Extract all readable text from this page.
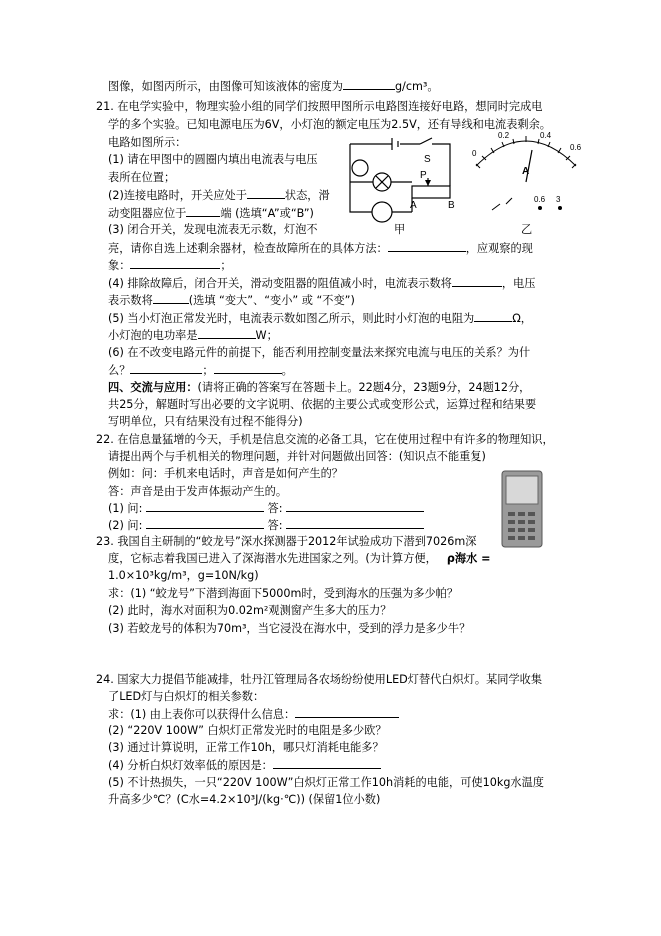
图像，如图丙所示，由图像可知该液体的密度为	g/cm³。
21. 在电学实验中，物理实验小组的同学们按照甲图所示电路图连接好电路，想同时完成电
学的多个实验。已知电源电压为6V，小灯泡的额定电压为2.5V，还有导线和电流表剩余。
电路如图所示：
(1) 请在甲图中的圆圈内填出电流表与电压
表所在位置；
(2)连接电路时，开关应处于	状态，滑
动变阻器应位于	端 (选填“A”或“B”)
(3) 闭合开关，发现电流表无示数，灯泡不
亮，请你自选上述剩余器材，检查故障所在的具体方法：	，应观察的现
象：	；
(4) 排除故障后，闭合开关，滑动变阻器的阻值减小时，电流表示数将	，电压
表示数将	(选填 “变大”、“变小” 或 “不变”)
(5) 当小灯泡正常发光时，电流表示数如图乙所示，则此时小灯泡的电阻为	Ω，
小灯泡的电功率是	W；
(6) 在不改变电路元件的前提下，能否利用控制变量法来探究电流与电压的关系？为什
么？	；	。
S
P
A	B
甲
0
0.2	0.4
0.6
A
0.6 3
乙
四、交流与应用：(请将正确的答案写在答题卡上。22题4分，23题9分，24题12分，
共25分，解题时写出必要的文字说明、依据的主要公式或变形公式，运算过程和结果要
写明单位，只有结果没有过程不能得分)
22. 在信息量猛增的今天，手机是信息交流的必备工具，它在使用过程中有许多的物理知识，
请提出两个与手机相关的物理问题，并针对问题做出回答：(知识点不能重复)
例如：问：手机来电话时，声音是如何产生的？
答：声音是由于发声体振动产生的。
(1) 问:	答:
(2) 问:	答:
23. 我国自主研制的“蛟龙号”深水探测器于2012年试验成功下潜到7026m深
度，它标志着我国已进入了深海潜水先进国家之列。(为计算方便， ρ海水 =
1.0×10³kg/m³，g=10N/kg)
求：(1) “蛟龙号”下潜到海面下5000m时，受到海水的压强为多少帕？
(2) 此时，海水对面积为0.02m²观测窗产生多大的压力？
(3) 若蛟龙号的体积为70m³，当它浸没在海水中，受到的浮力是多少牛？
24. 国家大力提倡节能减排，牡丹江管理局各农场纷纷使用LED灯替代白炽灯。某同学收集
了LED灯与白炽灯的相关参数：
求：(1) 由上表你可以获得什么信息：
(2) “220V 100W” 白炽灯正常发光时的电阻是多少欧？
(3) 通过计算说明，正常工作10h，哪只灯消耗电能多？
(4) 分析白炽灯效率低的原因是：
(5) 不计热损失，一只“220V 100W”白炽灯正常工作10h消耗的电能，可使10kg水温度
升高多少℃？(C水=4.2×10³J/(kg·℃)) (保留1位小数)
